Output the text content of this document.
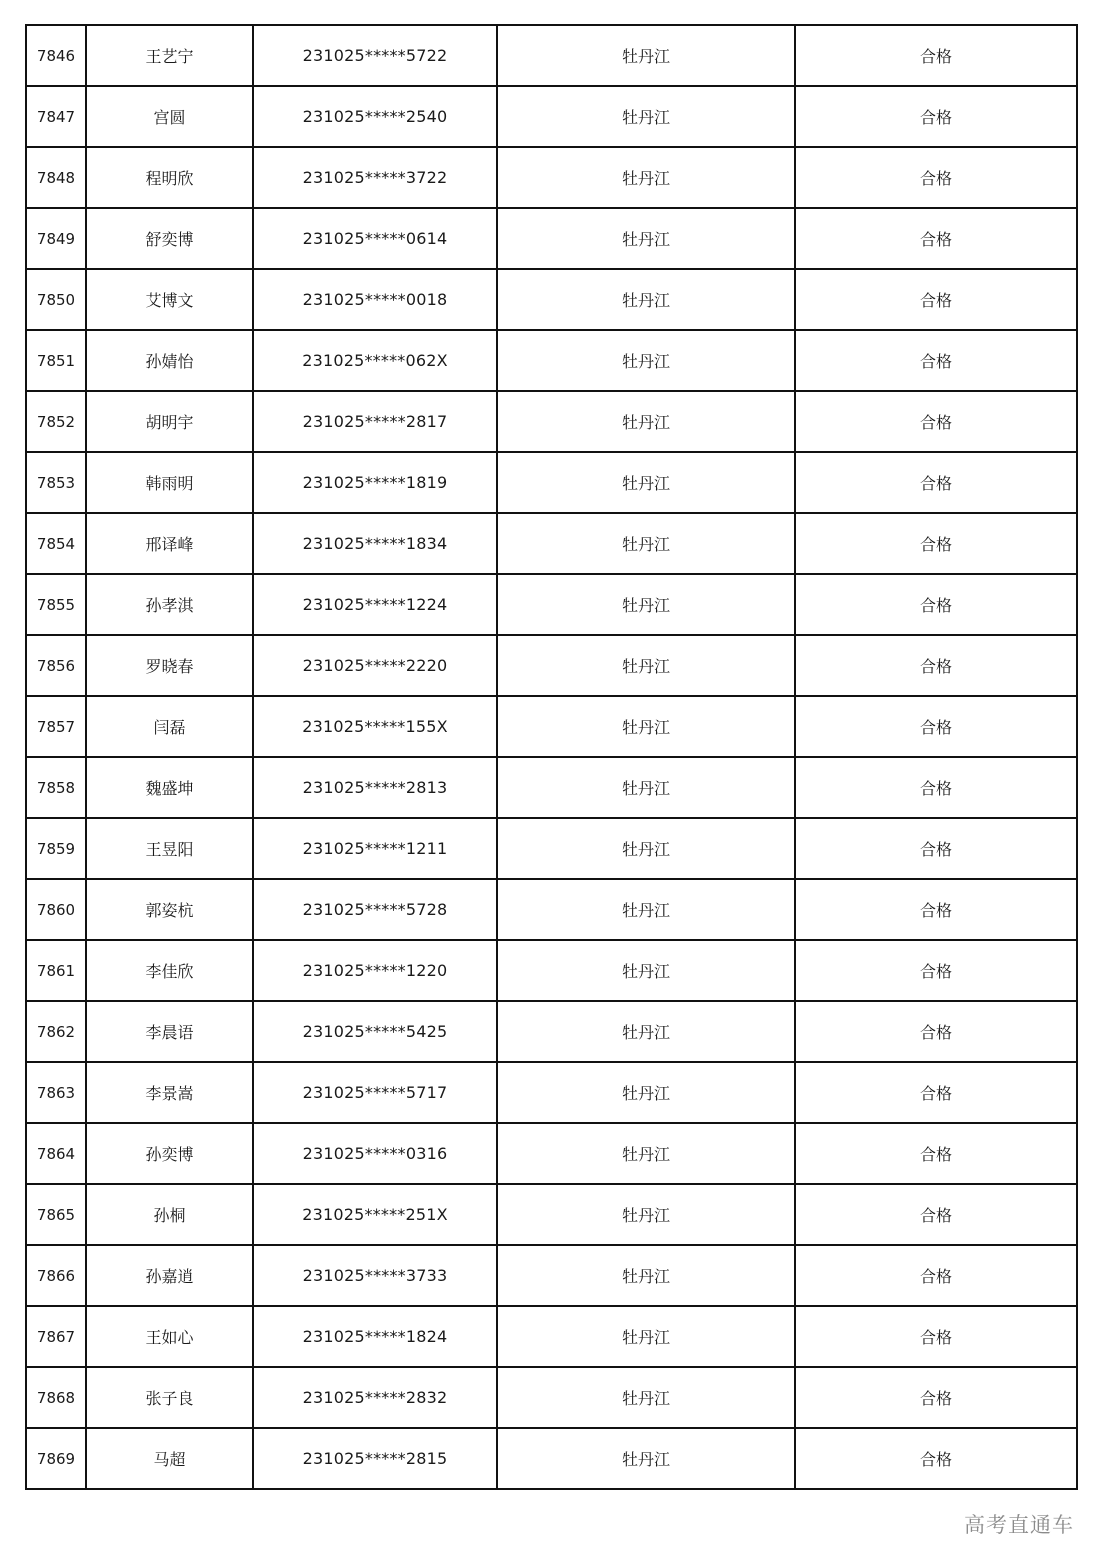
7846	王艺宁	231025*****5722	牡丹江	合格
7847	宫圆	231025*****2540	牡丹江	合格
7848	程明欣	231025*****3722	牡丹江	合格
7849	舒奕博	231025*****0614	牡丹江	合格
7850	艾博文	231025*****0018	牡丹江	合格
7851	孙婧怡	231025*****062X	牡丹江	合格
7852	胡明宇	231025*****2817	牡丹江	合格
7853	韩雨明	231025*****1819	牡丹江	合格
7854	邢译峰	231025*****1834	牡丹江	合格
7855	孙孝淇	231025*****1224	牡丹江	合格
7856	罗晓春	231025*****2220	牡丹江	合格
7857	闫磊	231025*****155X	牡丹江	合格
7858	魏盛坤	231025*****2813	牡丹江	合格
7859	王昱阳	231025*****1211	牡丹江	合格
7860	郭姿杭	231025*****5728	牡丹江	合格
7861	李佳欣	231025*****1220	牡丹江	合格
7862	李晨语	231025*****5425	牡丹江	合格
7863	李景嵩	231025*****5717	牡丹江	合格
7864	孙奕博	231025*****0316	牡丹江	合格
7865	孙桐	231025*****251X	牡丹江	合格
7866	孙嘉逍	231025*****3733	牡丹江	合格
7867	王如心	231025*****1824	牡丹江	合格
7868	张子良	231025*****2832	牡丹江	合格
7869	马超	231025*****2815	牡丹江	合格
高考直通车
